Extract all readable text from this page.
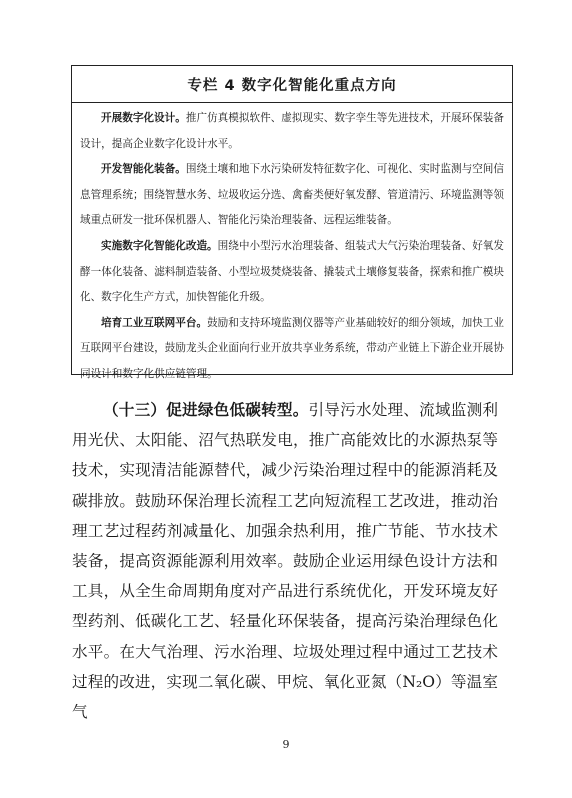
专栏 4 数字化智能化重点方向

开展数字化设计。推广仿真模拟软件、虚拟现实、数字孪生等先进技术，开展环保装备设计，提高企业数字化设计水平。

开发智能化装备。围绕土壤和地下水污染研发特征数字化、可视化、实时监测与空间信息管理系统；围绕智慧水务、垃圾收运分选、禽畜类便好氧发酵、管道清污、环境监测等领域重点研发一批环保机器人、智能化污染治理装备、远程运维装备。

实施数字化智能化改造。围绕中小型污水治理装备、组装式大气污染治理装备、好氧发酵一体化装备、滤料制造装备、小型垃圾焚烧装备、撬装式土壤修复装备，探索和推广模块化、数字化生产方式，加快智能化升级。

培育工业互联网平台。鼓励和支持环境监测仪器等产业基础较好的细分领域，加快工业互联网平台建设，鼓励龙头企业面向行业开放共享业务系统，带动产业链上下游企业开展协同设计和数字化供应链管理。

（十三）促进绿色低碳转型。引导污水处理、流域监测利用光伏、太阳能、沼气热联发电，推广高能效比的水源热泵等技术，实现清洁能源替代，减少污染治理过程中的能源消耗及碳排放。鼓励环保治理长流程工艺向短流程工艺改进，推动治理工艺过程药剂减量化、加强余热利用，推广节能、节水技术装备，提高资源能源利用效率。鼓励企业运用绿色设计方法和工具，从全生命周期角度对产品进行系统优化，开发环境友好型药剂、低碳化工艺、轻量化环保装备，提高污染治理绿色化水平。在大气治理、污水治理、垃圾处理过程中通过工艺技术过程的改进，实现二氧化碳、甲烷、氧化亚氮（N₂O）等温室气

9
